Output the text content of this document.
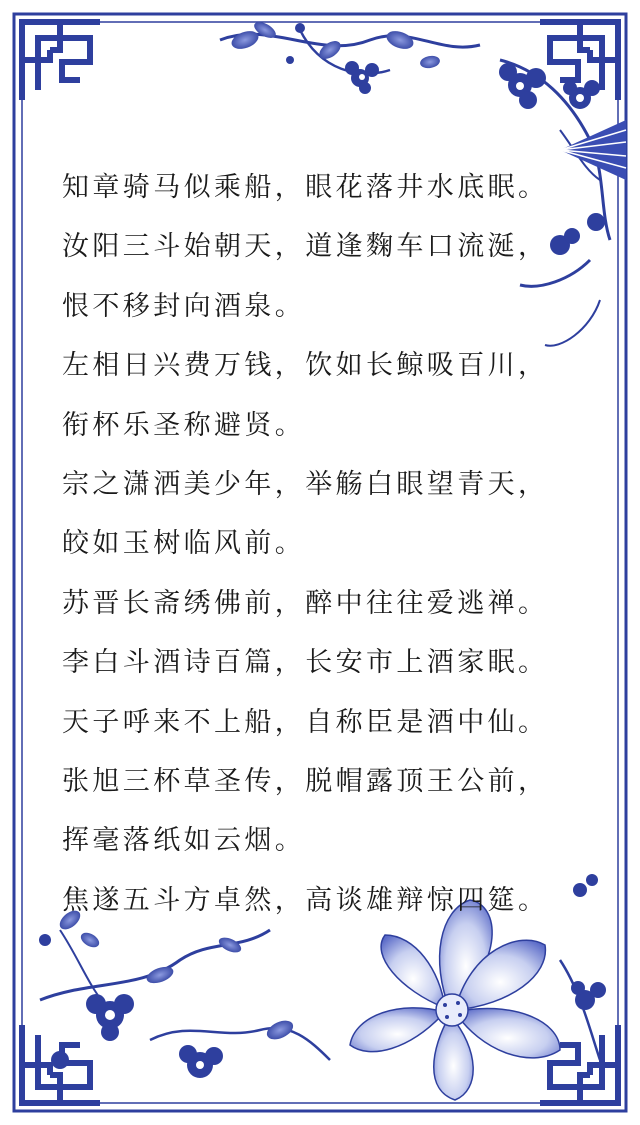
知章骑马似乘船，眼花落井水底眠。
汝阳三斗始朝天，道逢麴车口流涎，
恨不移封向酒泉。
左相日兴费万钱，饮如长鲸吸百川，
衔杯乐圣称避贤。
宗之潇洒美少年，举觞白眼望青天，
皎如玉树临风前。
苏晋长斋绣佛前，醉中往往爱逃禅。
李白斗酒诗百篇，长安市上酒家眠。
天子呼来不上船，自称臣是酒中仙。
张旭三杯草圣传，脱帽露顶王公前，
挥毫落纸如云烟。
焦遂五斗方卓然，高谈雄辩惊四筵。
